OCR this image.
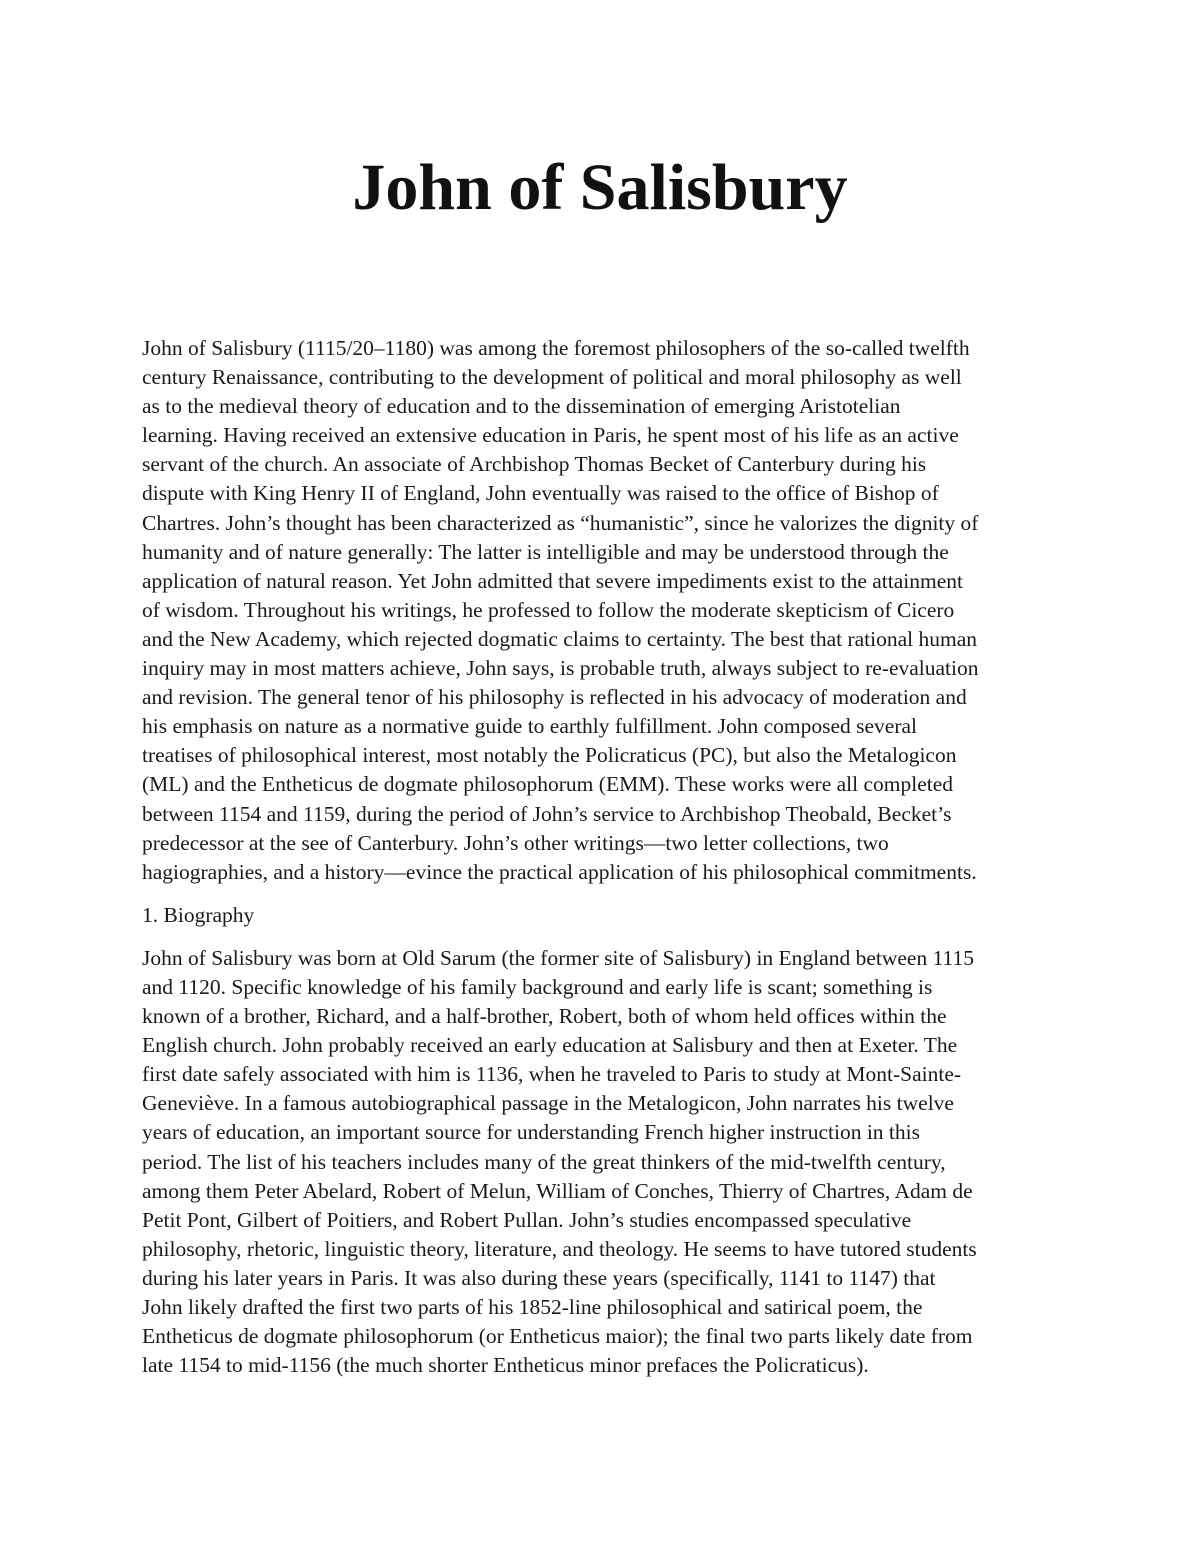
John of Salisbury

John of Salisbury (1115/20–1180) was among the foremost philosophers of the so-called twelfth
century Renaissance, contributing to the development of political and moral philosophy as well
as to the medieval theory of education and to the dissemination of emerging Aristotelian
learning. Having received an extensive education in Paris, he spent most of his life as an active
servant of the church. An associate of Archbishop Thomas Becket of Canterbury during his
dispute with King Henry II of England, John eventually was raised to the office of Bishop of
Chartres. John’s thought has been characterized as “humanistic”, since he valorizes the dignity of
humanity and of nature generally: The latter is intelligible and may be understood through the
application of natural reason. Yet John admitted that severe impediments exist to the attainment
of wisdom. Throughout his writings, he professed to follow the moderate skepticism of Cicero
and the New Academy, which rejected dogmatic claims to certainty. The best that rational human
inquiry may in most matters achieve, John says, is probable truth, always subject to re-evaluation
and revision. The general tenor of his philosophy is reflected in his advocacy of moderation and
his emphasis on nature as a normative guide to earthly fulfillment. John composed several
treatises of philosophical interest, most notably the Policraticus (PC), but also the Metalogicon
(ML) and the Entheticus de dogmate philosophorum (EMM). These works were all completed
between 1154 and 1159, during the period of John’s service to Archbishop Theobald, Becket’s
predecessor at the see of Canterbury. John’s other writings—two letter collections, two
hagiographies, and a history—evince the practical application of his philosophical commitments.

1. Biography

John of Salisbury was born at Old Sarum (the former site of Salisbury) in England between 1115
and 1120. Specific knowledge of his family background and early life is scant; something is
known of a brother, Richard, and a half-brother, Robert, both of whom held offices within the
English church. John probably received an early education at Salisbury and then at Exeter. The
first date safely associated with him is 1136, when he traveled to Paris to study at Mont-Sainte-
Geneviève. In a famous autobiographical passage in the Metalogicon, John narrates his twelve
years of education, an important source for understanding French higher instruction in this
period. The list of his teachers includes many of the great thinkers of the mid-twelfth century,
among them Peter Abelard, Robert of Melun, William of Conches, Thierry of Chartres, Adam de
Petit Pont, Gilbert of Poitiers, and Robert Pullan. John’s studies encompassed speculative
philosophy, rhetoric, linguistic theory, literature, and theology. He seems to have tutored students
during his later years in Paris. It was also during these years (specifically, 1141 to 1147) that
John likely drafted the first two parts of his 1852-line philosophical and satirical poem, the
Entheticus de dogmate philosophorum (or Entheticus maior); the final two parts likely date from
late 1154 to mid-1156 (the much shorter Entheticus minor prefaces the Policraticus).
